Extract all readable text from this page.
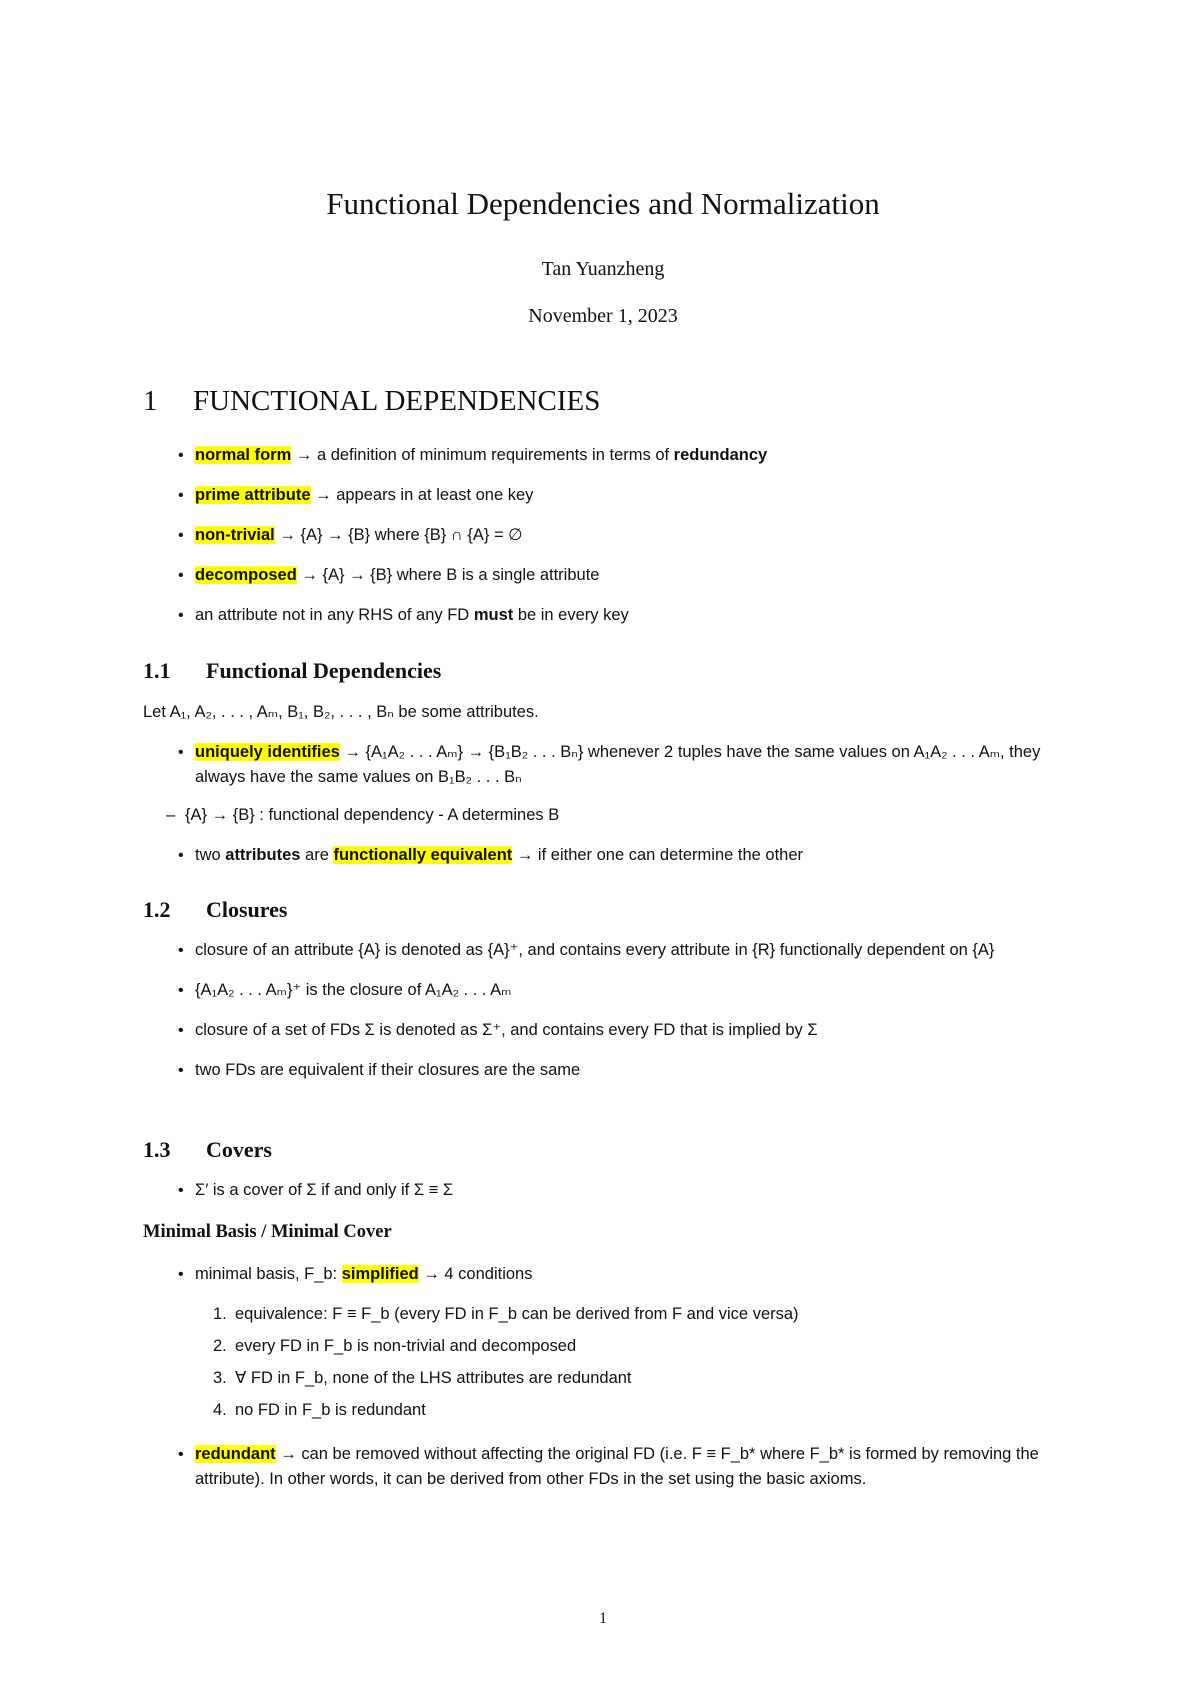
Functional Dependencies and Normalization
Tan Yuanzheng
November 1, 2023
1 FUNCTIONAL DEPENDENCIES
• normal form → a definition of minimum requirements in terms of redundancy
• prime attribute → appears in at least one key
• non-trivial → {A} → {B} where {B} ∩ {A} = ∅
• decomposed → {A} → {B} where B is a single attribute
• an attribute not in any RHS of any FD must be in every key
1.1 Functional Dependencies
Let A₁, A₂, . . . , Aₘ, B₁, B₂, . . . , Bₙ be some attributes.
• uniquely identifies → {A₁A₂ . . . Aₘ} → {B₁B₂ . . . Bₙ} whenever 2 tuples have the same values on A₁A₂ . . . Aₘ, they always have the same values on B₁B₂ . . . Bₙ
– {A} → {B} : functional dependency - A determines B
• two attributes are functionally equivalent → if either one can determine the other
1.2 Closures
• closure of an attribute {A} is denoted as {A}⁺, and contains every attribute in {R} functionally dependent on {A}
• {A₁A₂ . . . Aₘ}⁺ is the closure of A₁A₂ . . . Aₘ
• closure of a set of FDs Σ is denoted as Σ⁺, and contains every FD that is implied by Σ
• two FDs are equivalent if their closures are the same
1.3 Covers
• Σ′ is a cover of Σ if and only if Σ ≡ Σ
Minimal Basis / Minimal Cover
• minimal basis, F_b: simplified → 4 conditions
1. equivalence: F ≡ F_b (every FD in F_b can be derived from F and vice versa)
2. every FD in F_b is non-trivial and decomposed
3. ∀ FD in F_b, none of the LHS attributes are redundant
4. no FD in F_b is redundant
• redundant → can be removed without affecting the original FD (i.e. F ≡ F_b* where F_b* is formed by removing the attribute). In other words, it can be derived from other FDs in the set using the basic axioms.
1
